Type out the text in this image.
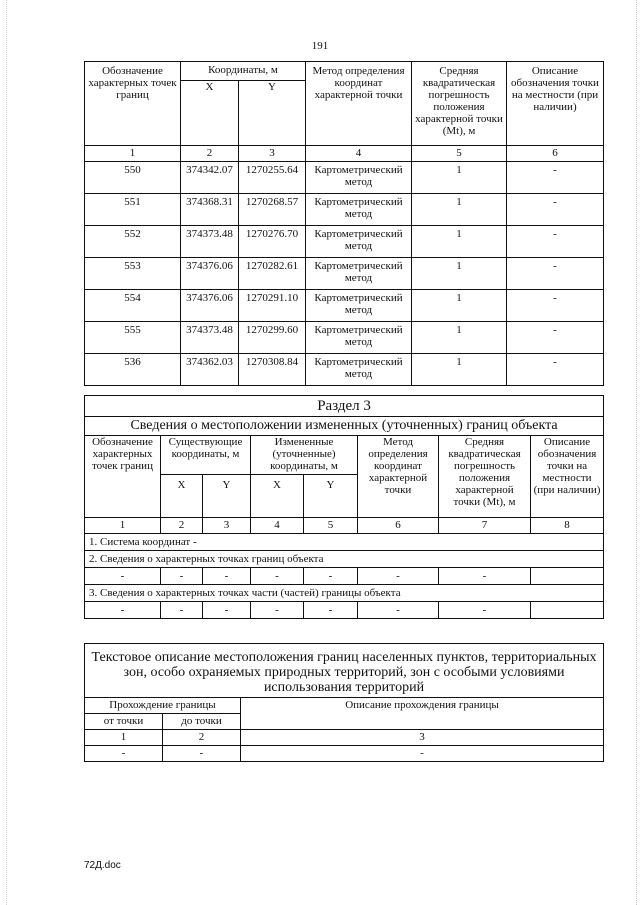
191
Обозначение характерных точек границ	Координаты, м		Метод определения координат характерной точки	Средняя квадратическая погрешность положения характерной точки (Mt), м	Описание обозначения точки на местности (при наличии)
	X	Y			
1	2	3	4	5	6
550	374342.07	1270255.64	Картометрический метод	1	-
551	374368.31	1270268.57	Картометрический метод	1	-
552	374373.48	1270276.70	Картометрический метод	1	-
553	374376.06	1270282.61	Картометрический метод	1	-
554	374376.06	1270291.10	Картометрический метод	1	-
555	374373.48	1270299.60	Картометрический метод	1	-
536	374362.03	1270308.84	Картометрический метод	1	-
Раздел 3							
Сведения о местоположении измененных (уточненных) границ объекта							
Обозначение характерных точек границ	Существующие координаты, м		Измененные (уточненные) координаты, м		Метод определения координат характерной точки	Средняя квадратическая погрешность положения характерной точки (Mt), м	Описание обозначения точки на местности (при наличии)
	X	Y	X	Y			
1	2	3	4	5	6	7	8
1. Система координат -							
2. Сведения о характерных точках границ объекта							
-	-	-	-	-	-	-	
3. Сведения о характерных точках части (частей) границы объекта							
-	-	-	-	-	-	-	
Текстовое описание местоположения границ населенных пунктов, территориальных зон, особо охраняемых природных территорий, зон с особыми условиями использования территорий		
Прохождение границы		Описание прохождения границы
от точки	до точки	
1	2	3
-	-	-
72Д.doc
